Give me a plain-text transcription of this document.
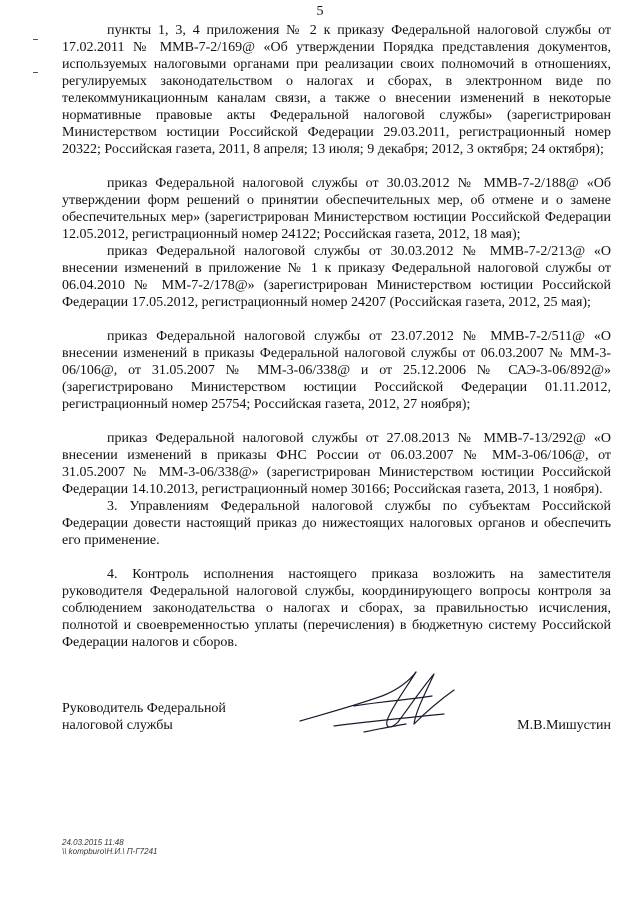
5

пункты 1, 3, 4 приложения № 2 к приказу Федеральной налоговой службы от 17.02.2011 № ММВ-7-2/169@ «Об утверждении Порядка представления документов, используемых налоговыми органами при реализации своих полномочий в отношениях, регулируемых законодательством о налогах и сборах, в электронном виде по телекоммуникационным каналам связи, а также о внесении изменений в некоторые нормативные правовые акты Федеральной налоговой службы» (зарегистрирован Министерством юстиции Российской Федерации 29.03.2011, регистрационный номер 20322; Российская газета, 2011, 8 апреля; 13 июля; 9 декабря; 2012, 3 октября; 24 октября);

приказ Федеральной налоговой службы от 30.03.2012 № ММВ-7-2/188@ «Об утверждении форм решений о принятии обеспечительных мер, об отмене и о замене обеспечительных мер» (зарегистрирован Министерством юстиции Российской Федерации 12.05.2012, регистрационный номер 24122; Российская газета, 2012, 18 мая);

приказ Федеральной налоговой службы от 30.03.2012 № ММВ-7-2/213@ «О внесении изменений в приложение № 1 к приказу Федеральной налоговой службы от 06.04.2010 № ММ-7-2/178@» (зарегистрирован Министерством юстиции Российской Федерации 17.05.2012, регистрационный номер 24207 (Российская газета, 2012, 25 мая);

приказ Федеральной налоговой службы от 23.07.2012 № ММВ-7-2/511@ «О внесении изменений в приказы Федеральной налоговой службы от 06.03.2007 № ММ-3-06/106@, от 31.05.2007 № ММ-3-06/338@ и от 25.12.2006 № САЭ-3-06/892@» (зарегистрировано Министерством юстиции Российской Федерации 01.11.2012, регистрационный номер 25754; Российская газета, 2012, 27 ноября);

приказ Федеральной налоговой службы от 27.08.2013 № ММВ-7-13/292@ «О внесении изменений в приказы ФНС России от 06.03.2007 № ММ-3-06/106@, от 31.05.2007 № ММ-3-06/338@» (зарегистрирован Министерством юстиции Российской Федерации 14.10.2013, регистрационный номер 30166; Российская газета, 2013, 1 ноября).

3. Управлениям Федеральной налоговой службы по субъектам Российской Федерации довести настоящий приказ до нижестоящих налоговых органов и обеспечить его применение.

4. Контроль исполнения настоящего приказа возложить на заместителя руководителя Федеральной налоговой службы, координирующего вопросы контроля за соблюдением законодательства о налогах и сборах, за правильностью исчисления, полнотой и своевременностью уплаты (перечисления) в бюджетную систему Российской Федерации налогов и сборов.

Руководитель Федеральной
налоговой службы	М.В.Мишустин
24.03.2015 11:48
\\ kompburo\Н.И.\ П-Г7241
